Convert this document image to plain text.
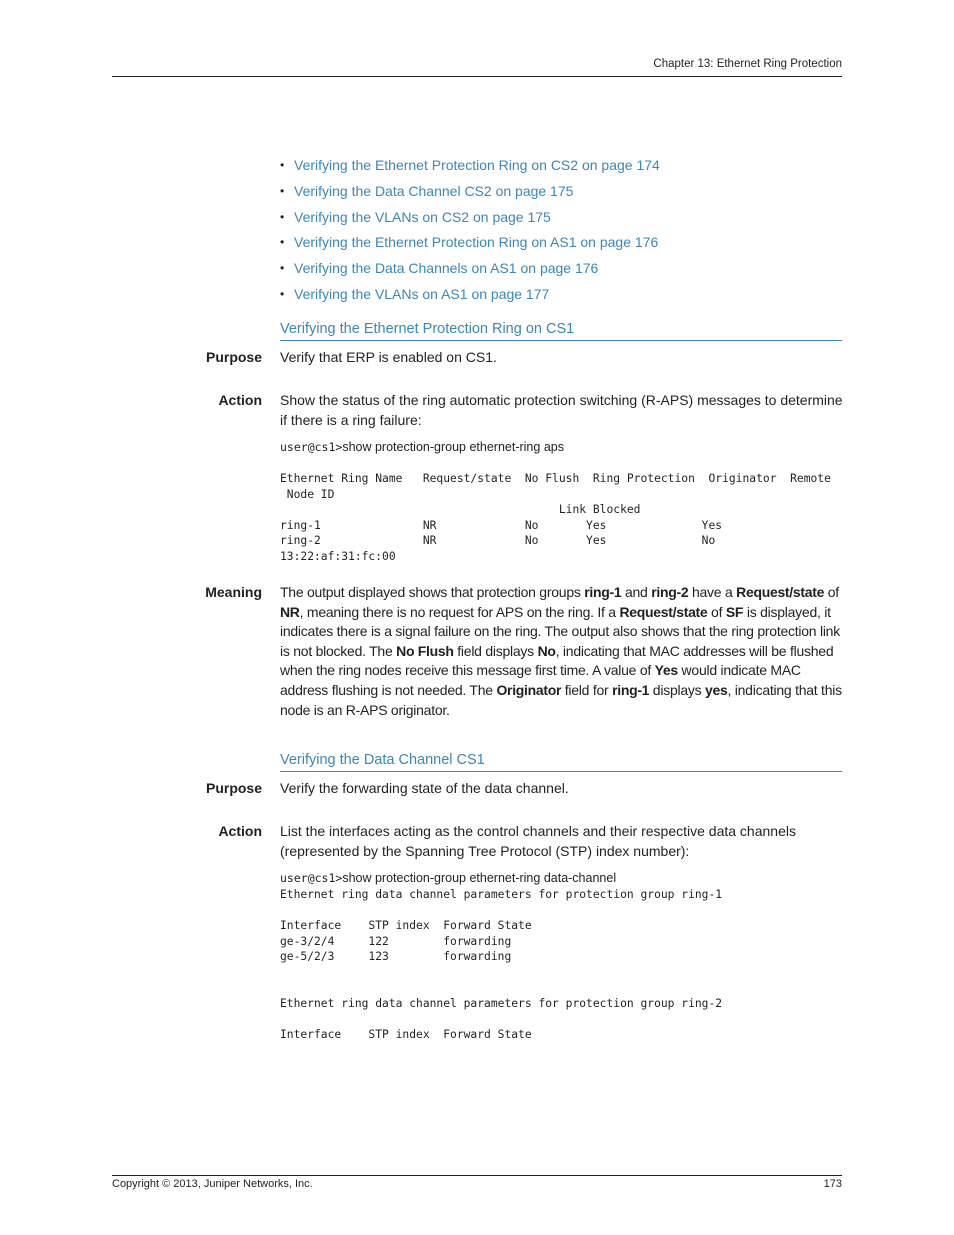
Chapter 13: Ethernet Ring Protection
• Verifying the Ethernet Protection Ring on CS2 on page 174
• Verifying the Data Channel CS2 on page 175
• Verifying the VLANs on CS2 on page 175
• Verifying the Ethernet Protection Ring on AS1 on page 176
• Verifying the Data Channels on AS1 on page 176
• Verifying the VLANs on AS1 on page 177
Verifying the Ethernet Protection Ring on CS1
Purpose Verify that ERP is enabled on CS1.
Action Show the status of the ring automatic protection switching (R-APS) messages to determine if there is a ring failure:
user@cs1>show protection-group ethernet-ring aps
Ethernet Ring Name   Request/state  No Flush  Ring Protection  Originator  Remote
Node ID
Link Blocked
ring-1               NR             No       Yes              Yes
ring-2               NR             No       Yes              No
13:22:af:31:fc:00
Meaning The output displayed shows that protection groups ring-1 and ring-2 have a Request/state of NR, meaning there is no request for APS on the ring. If a Request/state of SF is displayed, it indicates there is a signal failure on the ring. The output also shows that the ring protection link is not blocked. The No Flush field displays No, indicating that MAC addresses will be flushed when the ring nodes receive this message first time. A value of Yes would indicate MAC address flushing is not needed. The Originator field for ring-1 displays yes, indicating that this node is an R-APS originator.
Verifying the Data Channel CS1
Purpose Verify the forwarding state of the data channel.
Action List the interfaces acting as the control channels and their respective data channels (represented by the Spanning Tree Protocol (STP) index number):
user@cs1>show protection-group ethernet-ring data-channel
Ethernet ring data channel parameters for protection group ring-1

Interface    STP index  Forward State
ge-3/2/4     122        forwarding
ge-5/2/3     123        forwarding

Ethernet ring data channel parameters for protection group ring-2

Interface    STP index  Forward State
Copyright © 2013, Juniper Networks, Inc.	173
